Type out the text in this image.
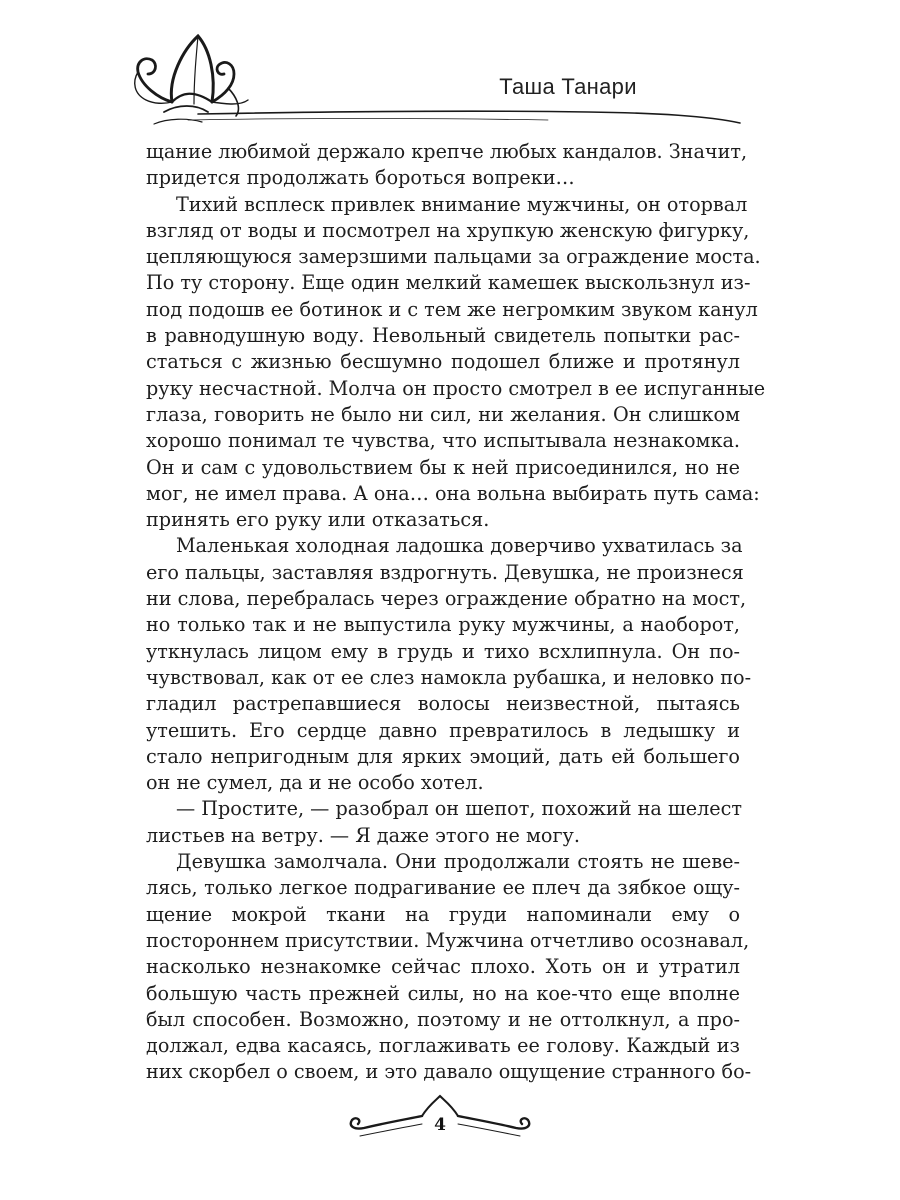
Таша Танари
щание любимой держало крепче любых кандалов. Значит,
придется продолжать бороться вопреки…
Тихий всплеск привлек внимание мужчины, он оторвал
взгляд от воды и посмотрел на хрупкую женскую фигурку,
цепляющуюся замерзшими пальцами за ограждение моста.
По ту сторону. Еще один мелкий камешек выскользнул из-
под подошв ее ботинок и с тем же негромким звуком канул
в равнодушную воду. Невольный свидетель попытки рас-
статься с жизнью бесшумно подошел ближе и протянул
руку несчастной. Молча он просто смотрел в ее испуганные
глаза, говорить не было ни сил, ни желания. Он слишком
хорошо понимал те чувства, что испытывала незнакомка.
Он и сам с удовольствием бы к ней присоединился, но не
мог, не имел права. А она… она вольна выбирать путь сама:
принять его руку или отказаться.
Маленькая холодная ладошка доверчиво ухватилась за
его пальцы, заставляя вздрогнуть. Девушка, не произнеся
ни слова, перебралась через ограждение обратно на мост,
но только так и не выпустила руку мужчины, а наоборот,
уткнулась лицом ему в грудь и тихо всхлипнула. Он по-
чувствовал, как от ее слез намокла рубашка, и неловко по-
гладил растрепавшиеся волосы неизвестной, пытаясь
утешить. Его сердце давно превратилось в ледышку и
стало непригодным для ярких эмоций, дать ей большего
он не сумел, да и не особо хотел.
— Простите, — разобрал он шепот, похожий на шелест
листьев на ветру. — Я даже этого не могу.
Девушка замолчала. Они продолжали стоять не шеве-
лясь, только легкое подрагивание ее плеч да зябкое ощу-
щение мокрой ткани на груди напоминали ему о
постороннем присутствии. Мужчина отчетливо осознавал,
насколько незнакомке сейчас плохо. Хоть он и утратил
большую часть прежней силы, но на кое-что еще вполне
был способен. Возможно, поэтому и не оттолкнул, а про-
должал, едва касаясь, поглаживать ее голову. Каждый из
них скорбел о своем, и это давало ощущение странного бо-
4
